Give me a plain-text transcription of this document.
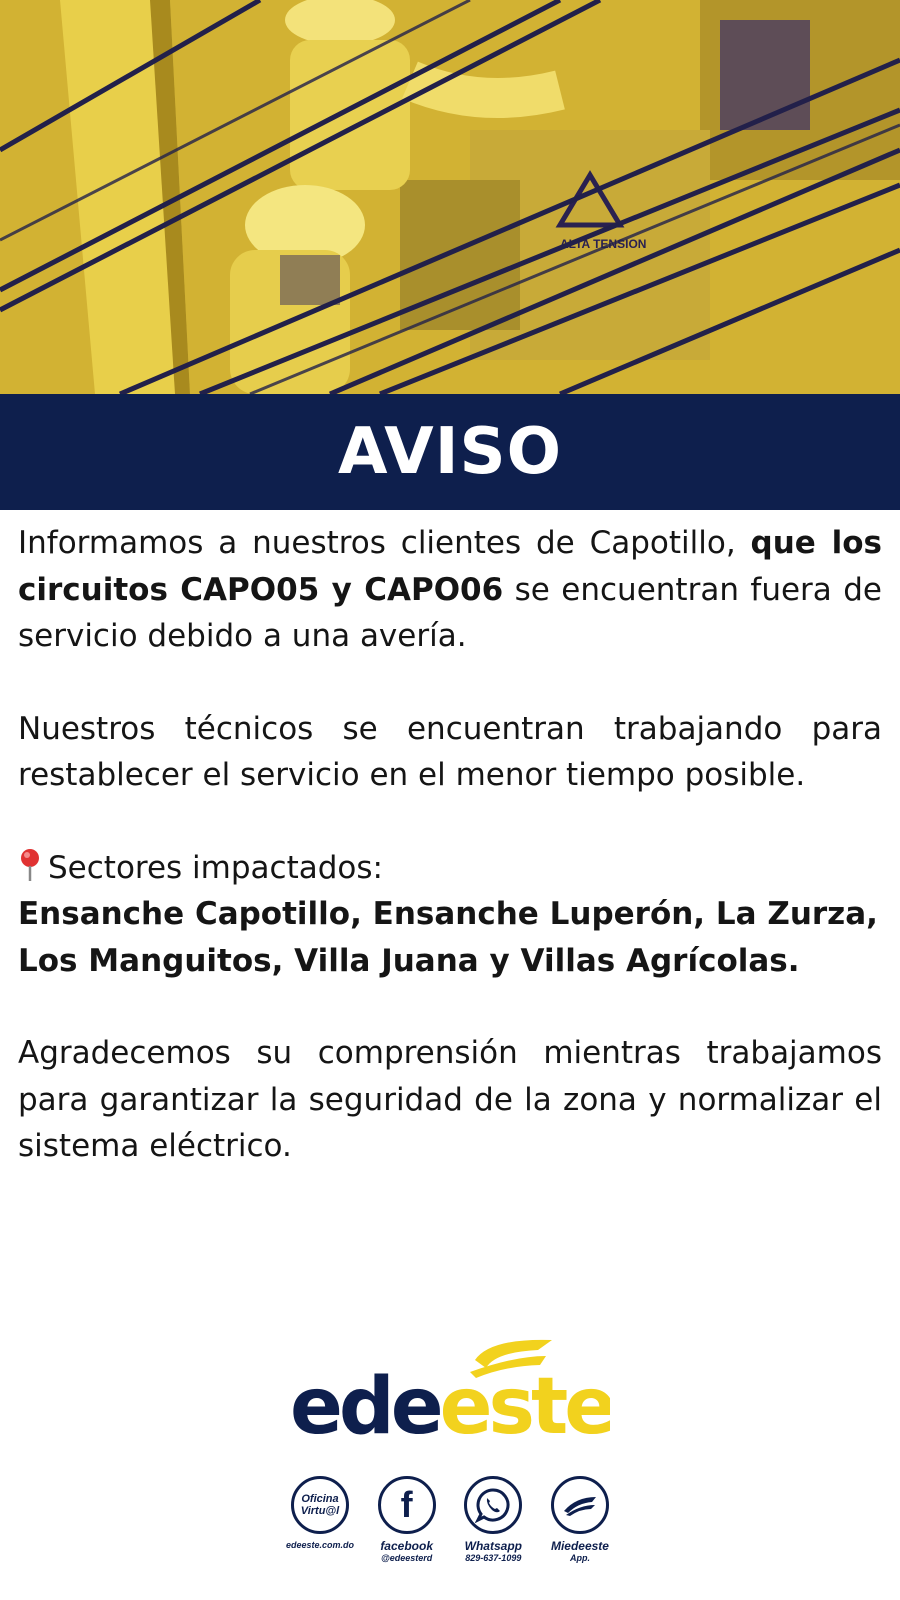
ALTA TENSION
AVISO

Informamos a nuestros clientes de Capotillo, que los circuitos CAPO05 y CAPO06 se encuentran fuera de servicio debido a una avería.

Nuestros técnicos se encuentran trabajando para restablecer el servicio en el menor tiempo posible.

Sectores impactados:
Ensanche Capotillo, Ensanche Luperón, La Zurza, Los Manguitos, Villa Juana y Villas Agrícolas.

Agradecemos su comprensión mientras trabajamos para garantizar la seguridad de la zona y normalizar el sistema eléctrico.

edeeste
Oficina
Virtu@l
edeeste.com.do
f
facebook
@edeesterd
Whatsapp
829-637-1099
Miedeeste
App.
